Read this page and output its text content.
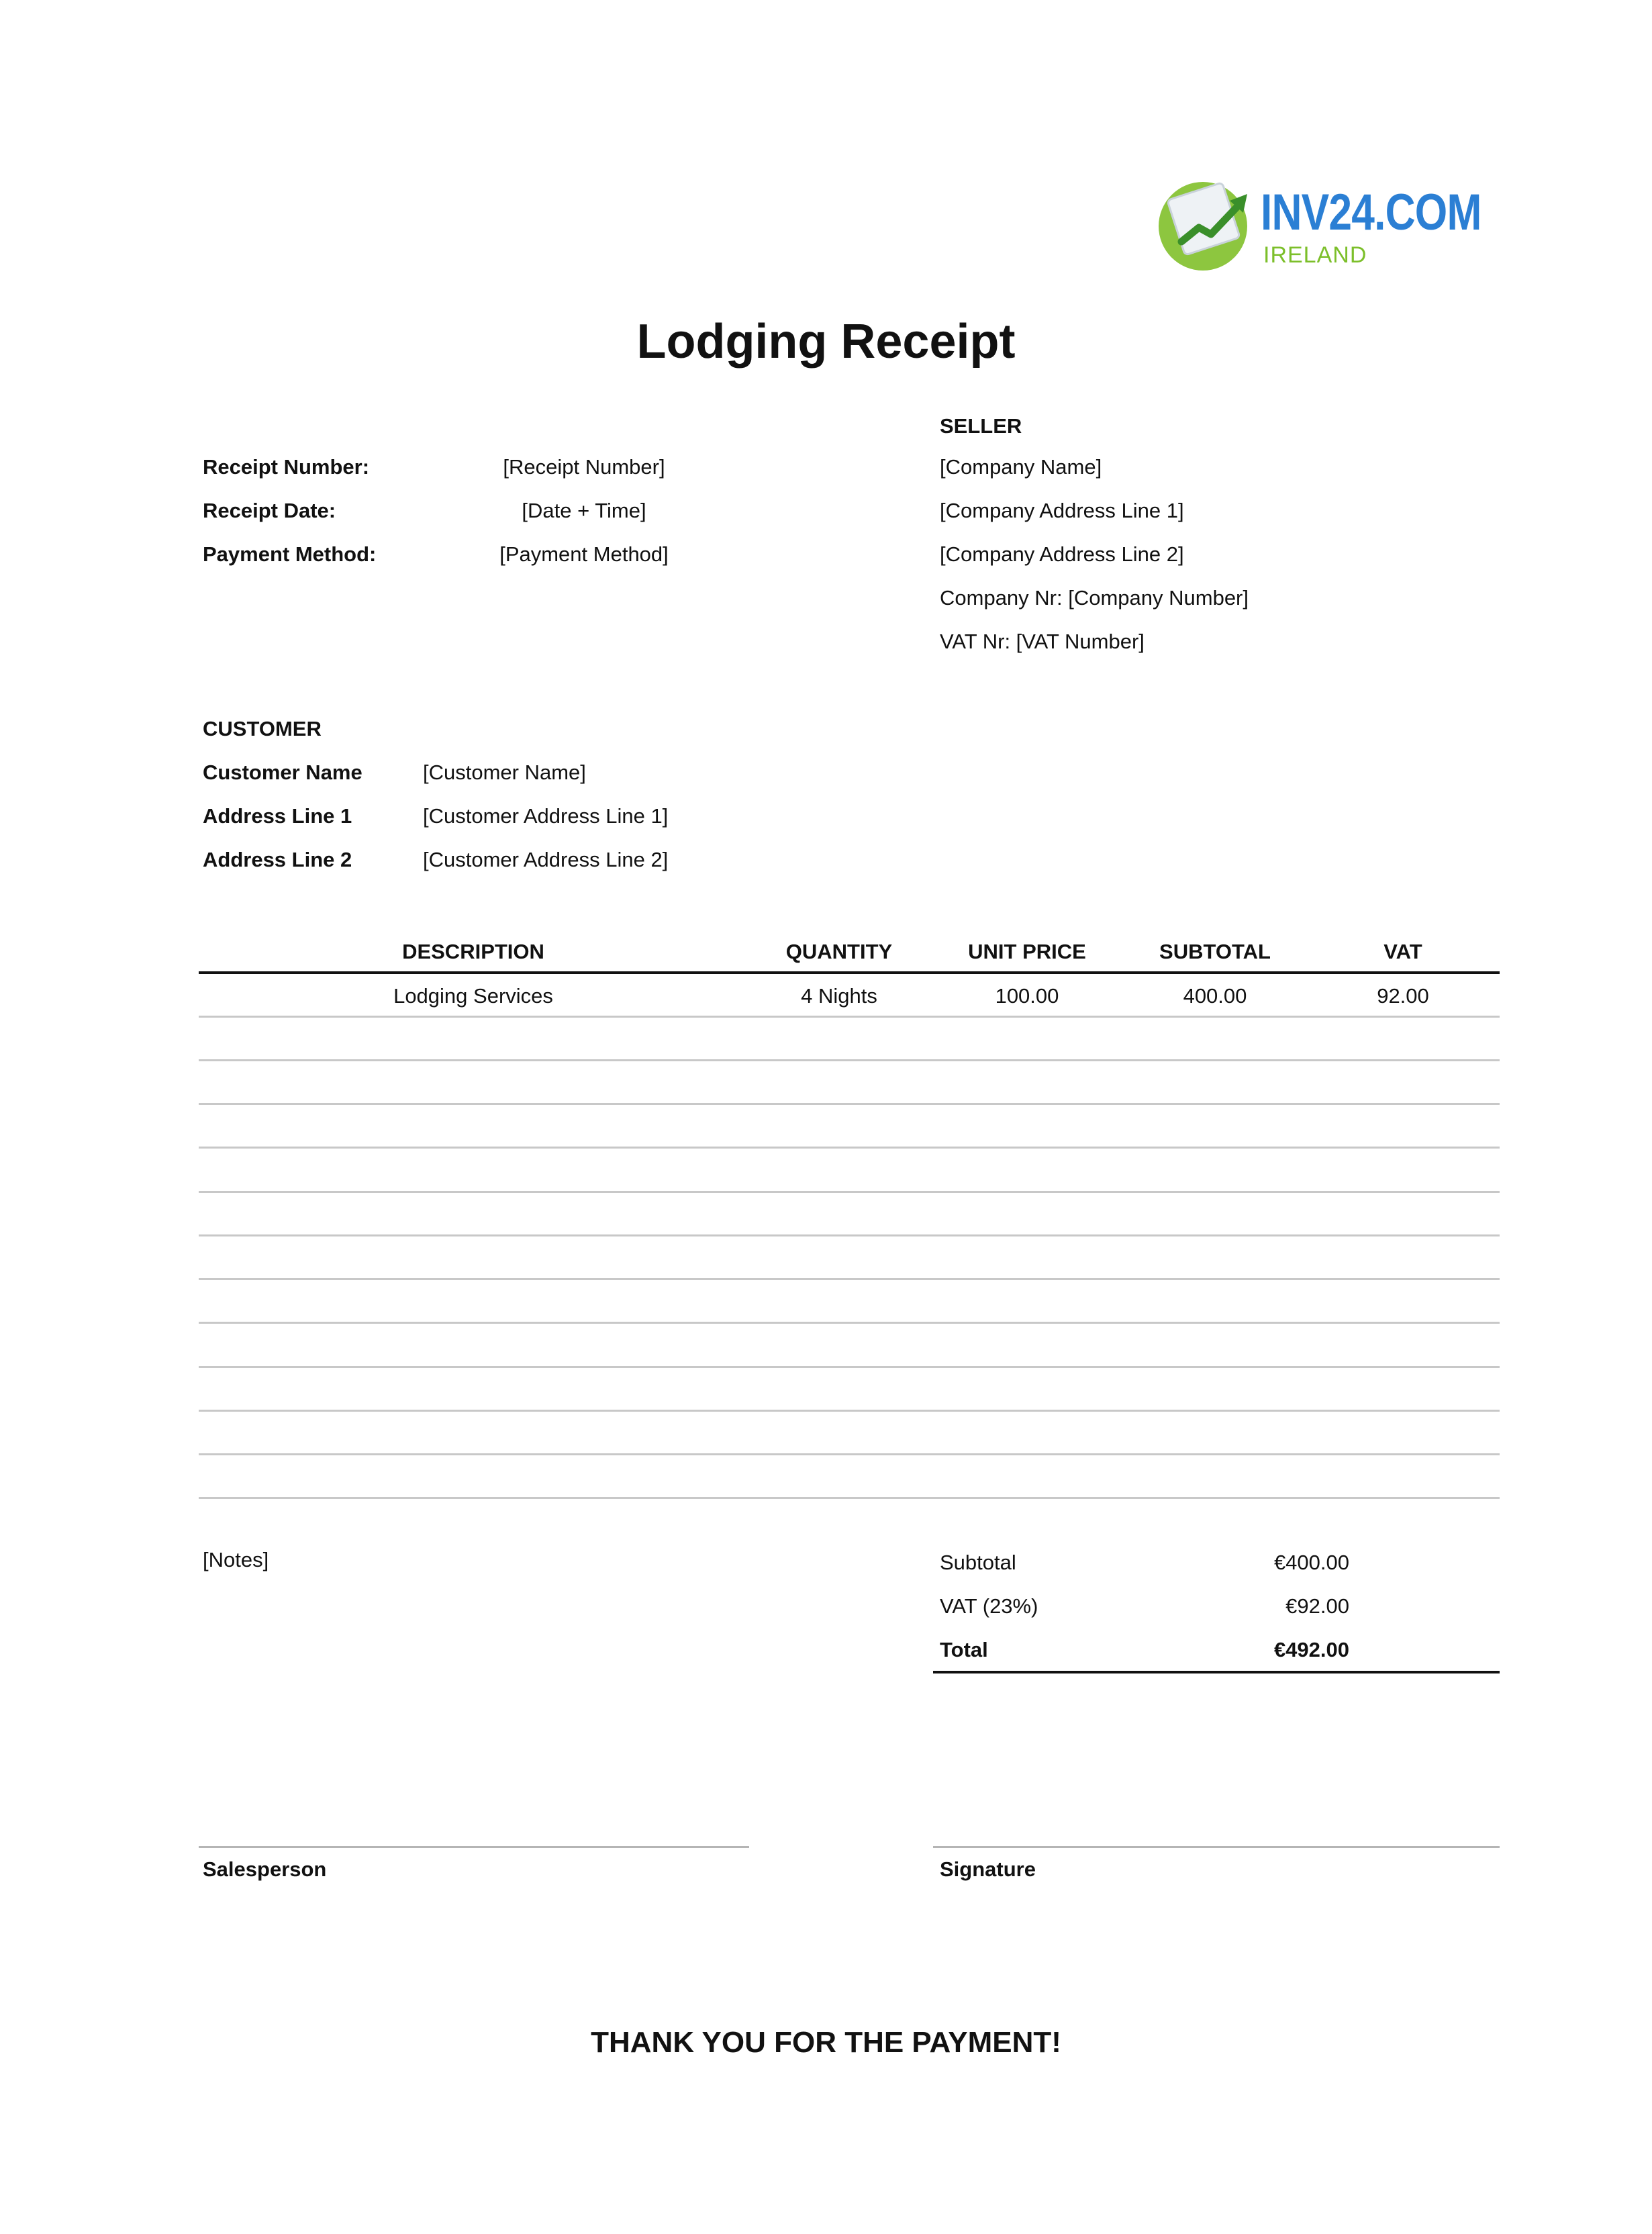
INV24.COM
IRELAND
Lodging Receipt
Receipt Number:	[Receipt Number]
Receipt Date:	[Date + Time]
Payment Method:	[Payment Method]
SELLER
[Company Name]
[Company Address Line 1]
[Company Address Line 2]
Company Nr: [Company Number]
VAT Nr: [VAT Number]
CUSTOMER
Customer Name	[Customer Name]
Address Line 1	[Customer Address Line 1]
Address Line 2	[Customer Address Line 2]
DESCRIPTION	QUANTITY	UNIT PRICE	SUBTOTAL	VAT
Lodging Services	4 Nights	100.00	400.00	92.00
[Notes]	Subtotal	€400.00
VAT (23%)	€92.00
Total	€492.00
Salesperson	Signature
THANK YOU FOR THE PAYMENT!
